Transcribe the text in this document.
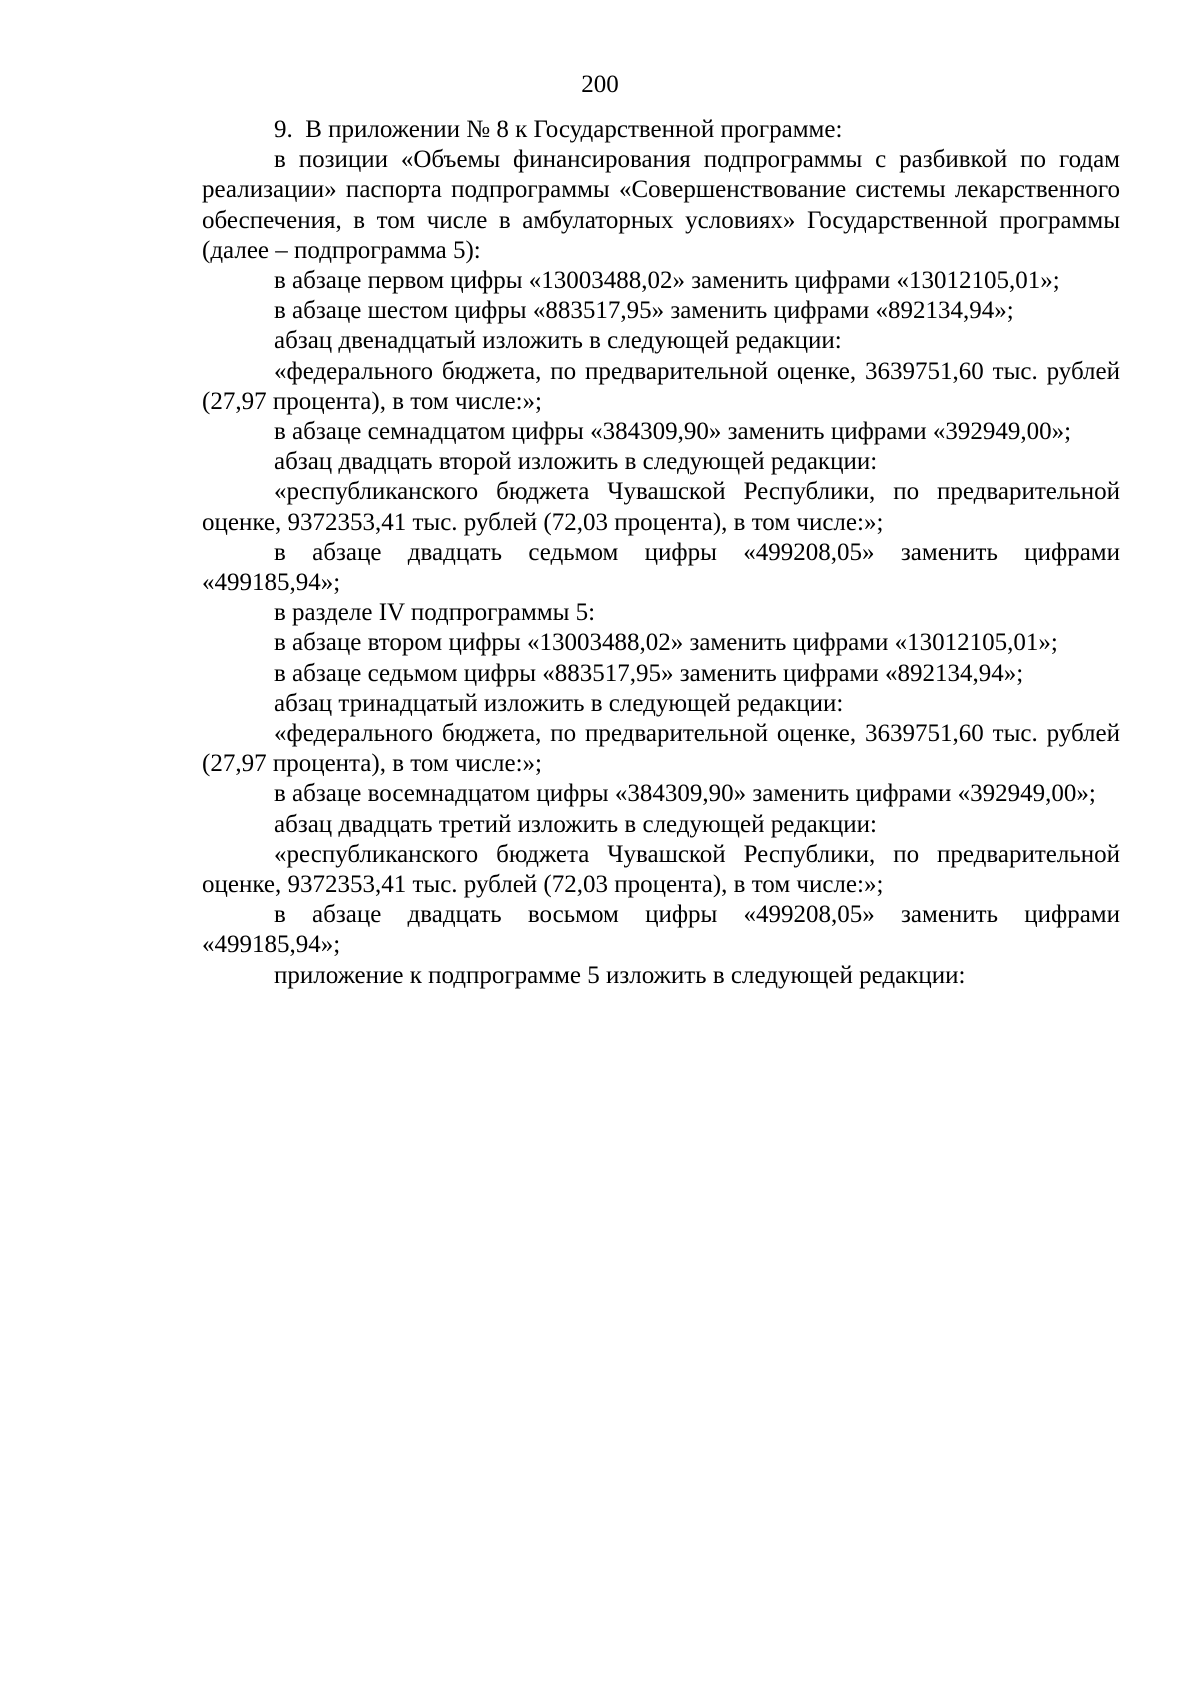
200

9.  В приложении № 8 к Государственной программе:

в позиции «Объемы финансирования подпрограммы с разбивкой по годам реализации» паспорта подпрограммы «Совершенствование системы лекарственного обеспечения, в том числе в амбулаторных условиях» Государственной программы (далее – подпрограмма 5):

в абзаце первом цифры «13003488,02» заменить цифрами «13012105,01»;

в абзаце шестом цифры «883517,95» заменить цифрами «892134,94»;

абзац двенадцатый изложить в следующей редакции:

«федерального бюджета, по предварительной оценке, 3639751,60 тыс. рублей (27,97 процента), в том числе:»;

в абзаце семнадцатом цифры «384309,90» заменить цифрами «392949,00»;

абзац двадцать второй изложить в следующей редакции:

«республиканского бюджета Чувашской Республики, по предварительной оценке, 9372353,41 тыс. рублей (72,03 процента), в том числе:»;

в абзаце двадцать седьмом цифры «499208,05» заменить цифрами «499185,94»;

в разделе IV подпрограммы 5:

в абзаце втором цифры «13003488,02» заменить цифрами «13012105,01»;

в абзаце седьмом цифры «883517,95» заменить цифрами «892134,94»;

абзац тринадцатый изложить в следующей редакции:

«федерального бюджета, по предварительной оценке, 3639751,60 тыс. рублей (27,97 процента), в том числе:»;

в абзаце восемнадцатом цифры «384309,90» заменить цифрами «392949,00»;

абзац двадцать третий изложить в следующей редакции:

«республиканского бюджета Чувашской Республики, по предварительной оценке, 9372353,41 тыс. рублей (72,03 процента), в том числе:»;

в абзаце двадцать восьмом цифры «499208,05» заменить цифрами «499185,94»;

приложение к подпрограмме 5 изложить в следующей редакции:
